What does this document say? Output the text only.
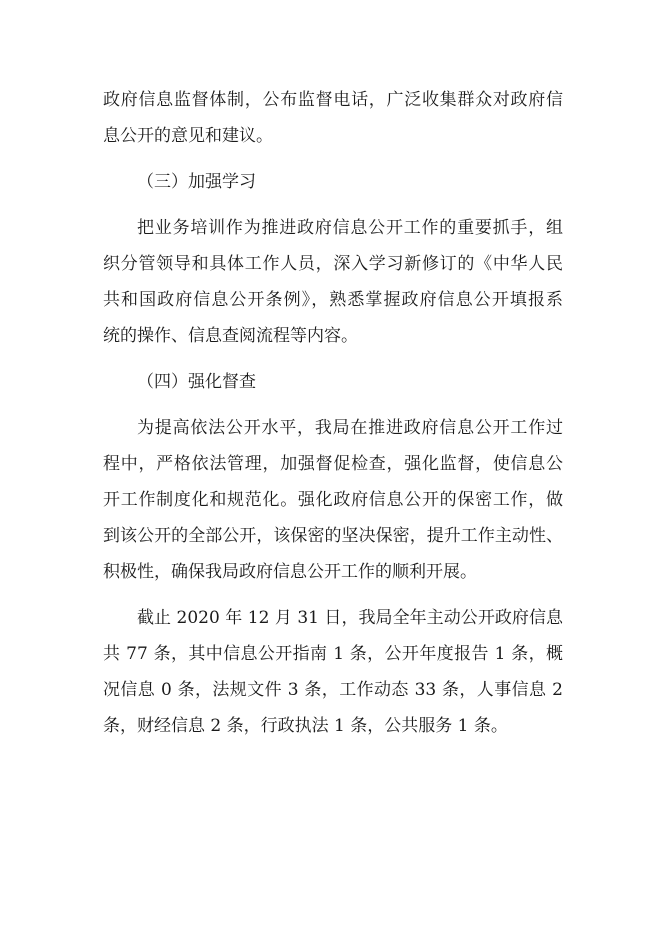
政府信息监督体制，公布监督电话，广泛收集群众对政府信
息公开的意见和建议。
（三）加强学习
把业务培训作为推进政府信息公开工作的重要抓手，组
织分管领导和具体工作人员，深入学习新修订的《中华人民
共和国政府信息公开条例》，熟悉掌握政府信息公开填报系
统的操作、信息查阅流程等内容。
（四）强化督查
为提高依法公开水平，我局在推进政府信息公开工作过
程中，严格依法管理，加强督促检查，强化监督，使信息公
开工作制度化和规范化。强化政府信息公开的保密工作，做
到该公开的全部公开，该保密的坚决保密，提升工作主动性、
积极性，确保我局政府信息公开工作的顺利开展。
截止 2020 年 12 月 31 日，我局全年主动公开政府信息
共 77 条，其中信息公开指南 1 条，公开年度报告 1 条，概
况信息 0 条，法规文件 3 条，工作动态 33 条，人事信息 2
条，财经信息 2 条，行政执法 1 条，公共服务 1 条。
